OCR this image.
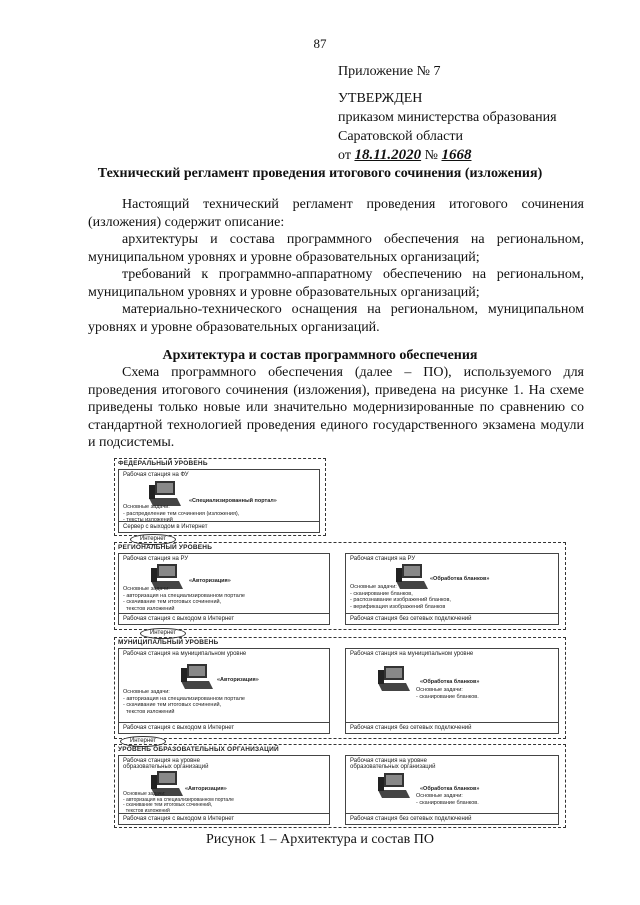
87
Приложение № 7
УТВЕРЖДЕН
приказом министерства образования
Саратовской области
от 18.11.2020 № 1668
Технический регламент проведения итогового сочинения (изложения)

Настоящий технический регламент проведения итогового сочинения (изложения) содержит описание:

архитектуры и состава программного обеспечения на региональном, муниципальном уровнях и уровне образовательных организаций;

требований к программно-аппаратному обеспечению на региональном, муниципальном уровнях и уровне образовательных организаций;

материально-технического оснащения на региональном, муниципальном уровнях и уровне образовательных организаций.

Архитектура и состав программного обеспечения

Схема программного обеспечения (далее – ПО), используемого для проведения итогового сочинения (изложения), приведена на рисунке 1. На схеме приведены только новые или значительно модернизированные по сравнению со стандартной технологией проведения единого государственного экзамена модули и подсистемы.

ФЕДЕРАЛЬНЫЙ УРОВЕНЬ
Рабочая станция на ФУ
«Специализированный портал»
Основные задачи:
- распределение тем сочинения (изложения),
- тексты изложений
Сервер с выходом в Интернет
Интернет
РЕГИОНАЛЬНЫЙ УРОВЕНЬ
Рабочая станция на РУ
«Авторизация»
Основные задачи:
- авторизация на специализированном портале
- скачивание тем итоговых сочинений,
текстов изложений
Рабочая станция с выходом в Интернет
Рабочая станция на РУ
«Обработка бланков»
Основные задачи:
- сканирование бланков,
- распознавание изображений бланков,
- верификация изображений бланков
Рабочая станция без сетевых подключений
Интернет
МУНИЦИПАЛЬНЫЙ УРОВЕНЬ
Рабочая станция на муниципальном уровне
«Авторизация»
Основные задачи:
- авторизация на специализированном портале
- скачивание тем итоговых сочинений,
текстов изложений
Рабочая станция с выходом в Интернет
Рабочая станция на муниципальном уровне
«Обработка бланков»
Основные задачи:
- сканирование бланков.
Рабочая станция без сетевых подключений
Интернет
УРОВЕНЬ ОБРАЗОВАТЕЛЬНЫХ ОРГАНИЗАЦИЙ
Рабочая станция на уровне
образовательных организаций
«Авторизация»
Основные задачи:
- авторизация на специализированном портале
- скачивание тем итоговых сочинений,
текстов изложений
Рабочая станция с выходом в Интернет
Рабочая станция на уровне
образовательных организаций
«Обработка бланков»
Основные задачи:
- сканирование бланков.
Рабочая станция без сетевых подключений
Рисунок 1 – Архитектура и состав ПО
